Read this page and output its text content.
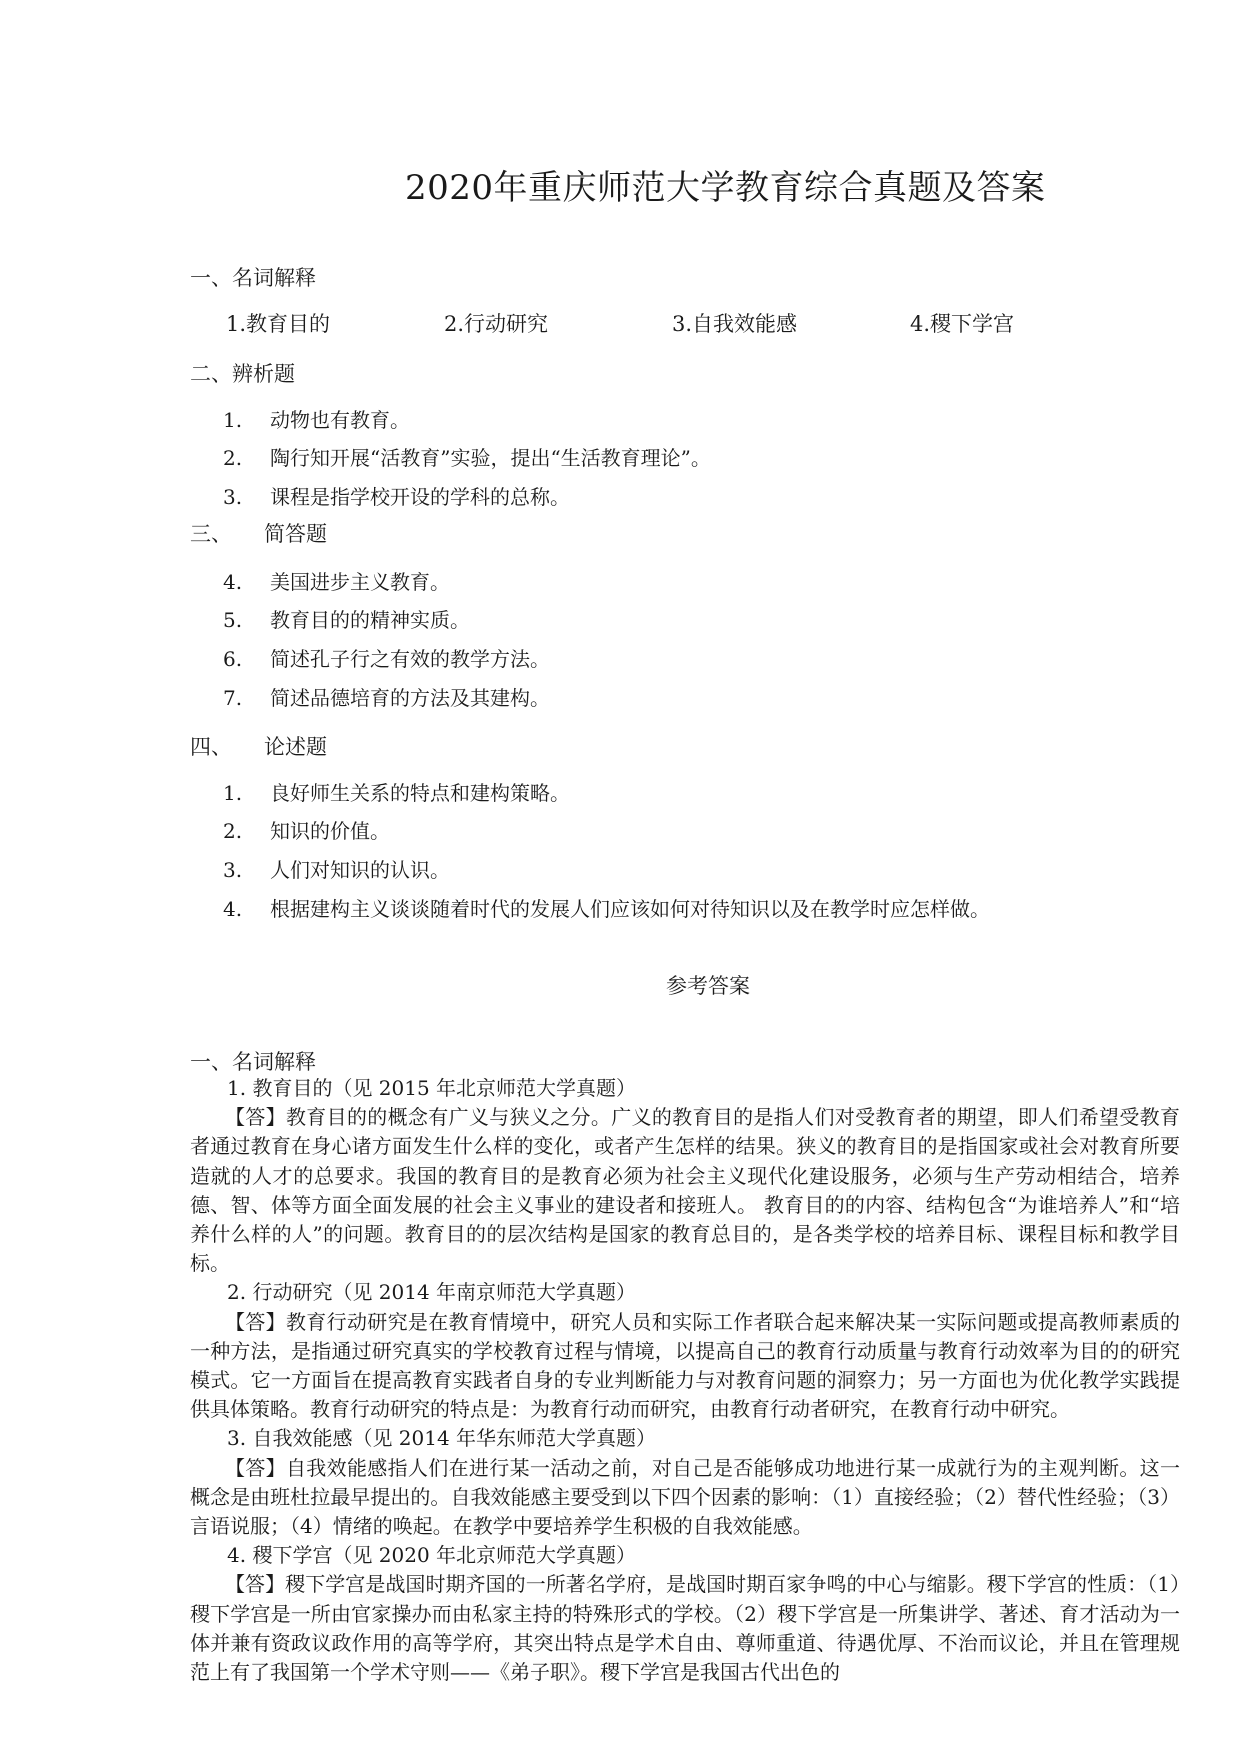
2020年重庆师范大学教育综合真题及答案
一、名词解释
1.教育目的	2.行动研究	3.自我效能感	4.稷下学宫
二、辨析题
1. 动物也有教育。
2. 陶行知开展“活教育”实验，提出“生活教育理论”。
3. 课程是指学校开设的学科的总称。
三、 简答题
4. 美国进步主义教育。
5. 教育目的的精神实质。
6. 简述孔子行之有效的教学方法。
7. 简述品德培育的方法及其建构。
四、 论述题
1. 良好师生关系的特点和建构策略。
2. 知识的价值。
3. 人们对知识的认识。
4. 根据建构主义谈谈随着时代的发展人们应该如何对待知识以及在教学时应怎样做。
参考答案
一、名词解释
1. 教育目的（见 2015 年北京师范大学真题）
【答】教育目的的概念有广义与狭义之分。广义的教育目的是指人们对受教育者的期望，即人们希望受教育者通过教育在身心诸方面发生什么样的变化，或者产生怎样的结果。狭义的教育目的是指国家或社会对教育所要造就的人才的总要求。我国的教育目的是教育必须为社会主义现代化建设服务，必须与生产劳动相结合，培养德、智、体等方面全面发展的社会主义事业的建设者和接班人。 教育目的的内容、结构包含“为谁培养人”和“培养什么样的人”的问题。教育目的的层次结构是国家的教育总目的，是各类学校的培养目标、课程目标和教学目标。
2. 行动研究（见 2014 年南京师范大学真题）
【答】教育行动研究是在教育情境中，研究人员和实际工作者联合起来解决某一实际问题或提高教师素质的一种方法，是指通过研究真实的学校教育过程与情境，以提高自己的教育行动质量与教育行动效率为目的的研究模式。它一方面旨在提高教育实践者自身的专业判断能力与对教育问题的洞察力；另一方面也为优化教学实践提供具体策略。教育行动研究的特点是：为教育行动而研究，由教育行动者研究，在教育行动中研究。
3. 自我效能感（见 2014 年华东师范大学真题）
【答】自我效能感指人们在进行某一活动之前，对自己是否能够成功地进行某一成就行为的主观判断。这一概念是由班杜拉最早提出的。自我效能感主要受到以下四个因素的影响：（1）直接经验；（2）替代性经验；（3）言语说服；（4）情绪的唤起。在教学中要培养学生积极的自我效能感。
4. 稷下学宫（见 2020 年北京师范大学真题）
【答】稷下学宫是战国时期齐国的一所著名学府，是战国时期百家争鸣的中心与缩影。稷下学宫的性质：（1）稷下学宫是一所由官家操办而由私家主持的特殊形式的学校。（2）稷下学宫是一所集讲学、著述、育才活动为一体并兼有资政议政作用的高等学府，其突出特点是学术自由、尊师重道、待遇优厚、不治而议论，并且在管理规范上有了我国第一个学术守则——《弟子职》。稷下学宫是我国古代出色的
